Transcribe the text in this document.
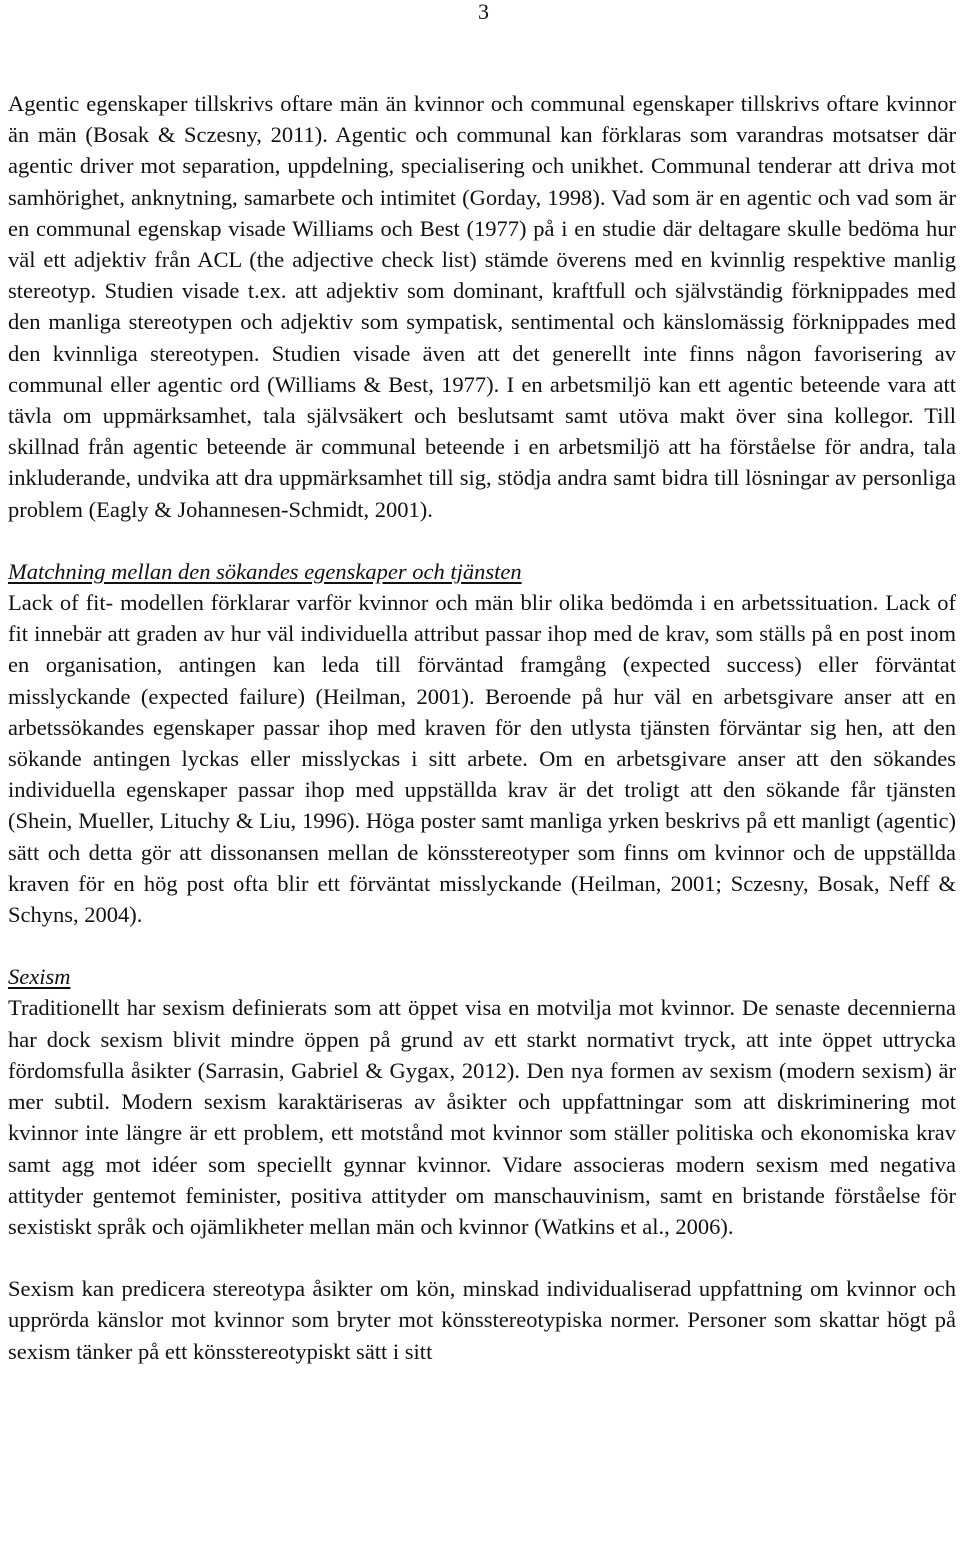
3

Agentic egenskaper tillskrivs oftare män än kvinnor och communal egenskaper tillskrivs oftare kvinnor än män (Bosak & Sczesny, 2011). Agentic och communal kan förklaras som varandras motsatser där agentic driver mot separation, uppdelning, specialisering och unikhet. Communal tenderar att driva mot samhörighet, anknytning, samarbete och intimitet (Gorday, 1998). Vad som är en agentic och vad som är en communal egenskap visade Williams och Best (1977) på i en studie där deltagare skulle bedöma hur väl ett adjektiv från ACL (the adjective check list) stämde överens med en kvinnlig respektive manlig stereotyp. Studien visade t.ex. att adjektiv som dominant, kraftfull och självständig förknippades med den manliga stereotypen och adjektiv som sympatisk, sentimental och känslomässig förknippades med den kvinnliga stereotypen. Studien visade även att det generellt inte finns någon favorisering av communal eller agentic ord (Williams & Best, 1977). I en arbetsmiljö kan ett agentic beteende vara att tävla om uppmärksamhet, tala självsäkert och beslutsamt samt utöva makt över sina kollegor. Till skillnad från agentic beteende är communal beteende i en arbetsmiljö att ha förståelse för andra, tala inkluderande, undvika att dra uppmärksamhet till sig, stödja andra samt bidra till lösningar av personliga problem (Eagly & Johannesen-Schmidt, 2001).

Matchning mellan den sökandes egenskaper och tjänsten

Lack of fit- modellen förklarar varför kvinnor och män blir olika bedömda i en arbetssituation. Lack of fit innebär att graden av hur väl individuella attribut passar ihop med de krav, som ställs på en post inom en organisation, antingen kan leda till förväntad framgång (expected success) eller förväntat misslyckande (expected failure) (Heilman, 2001). Beroende på hur väl en arbetsgivare anser att en arbetssökandes egenskaper passar ihop med kraven för den utlysta tjänsten förväntar sig hen, att den sökande antingen lyckas eller misslyckas i sitt arbete. Om en arbetsgivare anser att den sökandes individuella egenskaper passar ihop med uppställda krav är det troligt att den sökande får tjänsten (Shein, Mueller, Lituchy & Liu, 1996). Höga poster samt manliga yrken beskrivs på ett manligt (agentic) sätt och detta gör att dissonansen mellan de könsstereotyper som finns om kvinnor och de uppställda kraven för en hög post ofta blir ett förväntat misslyckande (Heilman, 2001; Sczesny, Bosak, Neff & Schyns, 2004).

Sexism

Traditionellt har sexism definierats som att öppet visa en motvilja mot kvinnor. De senaste decennierna har dock sexism blivit mindre öppen på grund av ett starkt normativt tryck, att inte öppet uttrycka fördomsfulla åsikter (Sarrasin, Gabriel & Gygax, 2012). Den nya formen av sexism (modern sexism) är mer subtil. Modern sexism karaktäriseras av åsikter och uppfattningar som att diskriminering mot kvinnor inte längre är ett problem, ett motstånd mot kvinnor som ställer politiska och ekonomiska krav samt agg mot idéer som speciellt gynnar kvinnor. Vidare associeras modern sexism med negativa attityder gentemot feminister, positiva attityder om manschauvinism, samt en bristande förståelse för sexistiskt språk och ojämlikheter mellan män och kvinnor (Watkins et al., 2006).

Sexism kan predicera stereotypa åsikter om kön, minskad individualiserad uppfattning om kvinnor och upprörda känslor mot kvinnor som bryter mot könsstereotypiska normer. Personer som skattar högt på sexism tänker på ett könsstereotypiskt sätt i sitt
